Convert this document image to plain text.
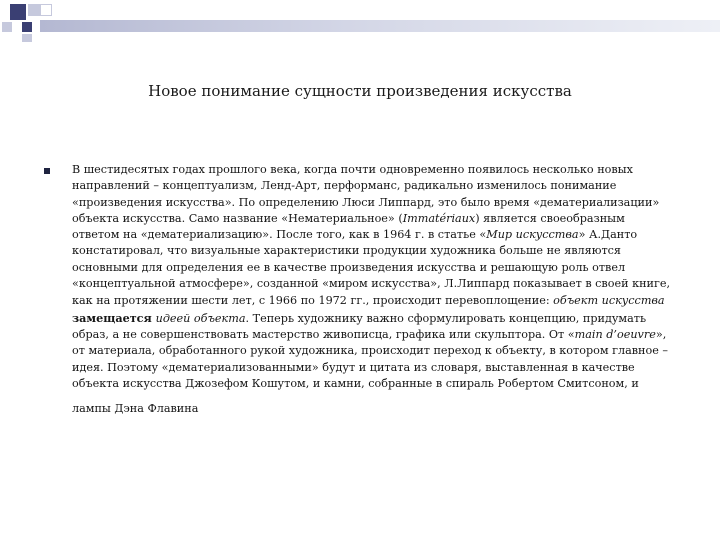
Новое понимание сущности произведения искусства

В шестидесятых годах прошлого века, когда почти одновременно появилось несколько новых направлений – концептуализм, Ленд-Арт, перформанс, радикально изменилось понимание «произведения искусства». По определению Люси Липпард, это было время «дематериализации» объекта искусства. Само название «Нематериальное» (Immatériaux) является своеобразным ответом на «дематериализацию». После того, как в 1964 г. в статье «Мир искусства» А.Данто констатировал, что визуальные характеристики продукции художника больше не являются основными для определения ее в качестве произведения искусства и решающую роль отвел «концептуальной атмосфере», созданной «миром искусства», Л.Липпард показывает в своей книге, как на протяжении шести лет, с 1966 по 1972 гг., происходит перевоплощение: объект искусства замещается идеей объекта. Теперь художнику важно сформулировать концепцию, придумать образ, а не совершенствовать мастерство живописца, графика или скульптора. От «main d’oeuvre», от материала, обработанного рукой художника, происходит переход к объекту, в котором главное – идея. Поэтому «дематериализованными» будут и цитата из словаря, выставленная в качестве объекта искусства Джозефом Кошутом, и камни, собранные в спираль Робертом Смитсоном, и

лампы Дэна Флавина
